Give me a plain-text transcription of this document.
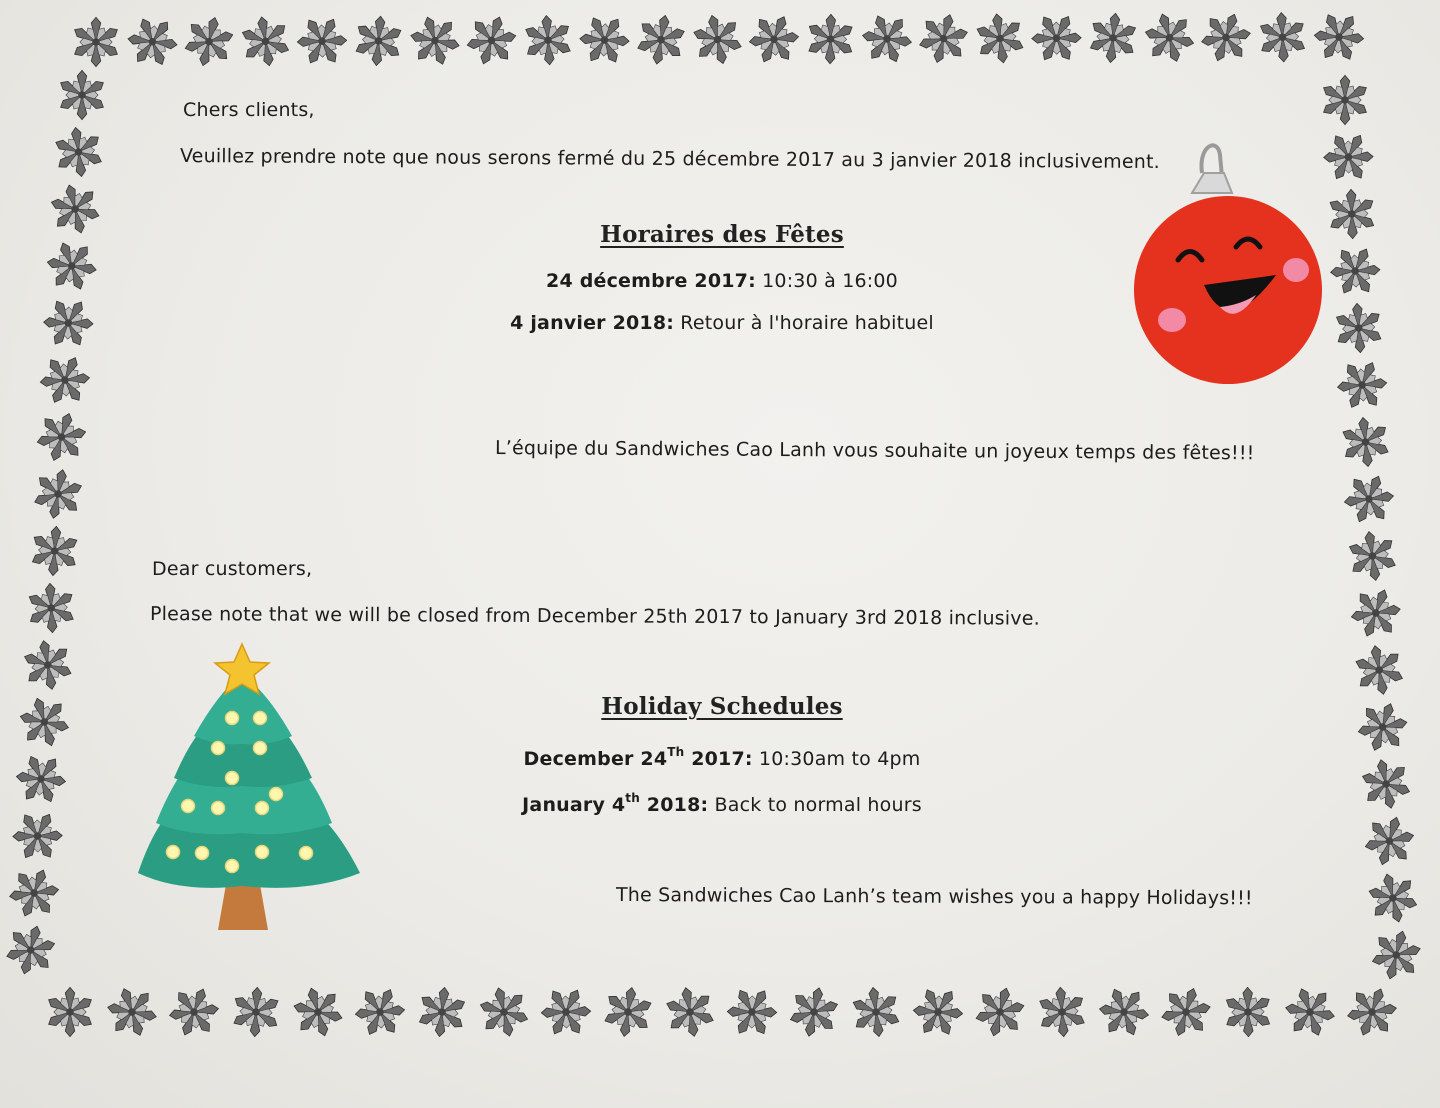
Chers clients,
Veuillez prendre note que nous serons fermé du 25 décembre 2017 au 3 janvier 2018 inclusivement.
Horaires des Fêtes
24 décembre 2017: 10:30 à 16:00
4 janvier 2018: Retour à l'horaire habituel
L’équipe du Sandwiches Cao Lanh vous souhaite un joyeux temps des fêtes!!!
Dear customers,
Please note that we will be closed from December 25th 2017 to January 3rd 2018 inclusive.
Holiday Schedules
December 24Th 2017: 10:30am to 4pm
January 4th 2018: Back to normal hours
The Sandwiches Cao Lanh’s team wishes you a happy Holidays!!!
